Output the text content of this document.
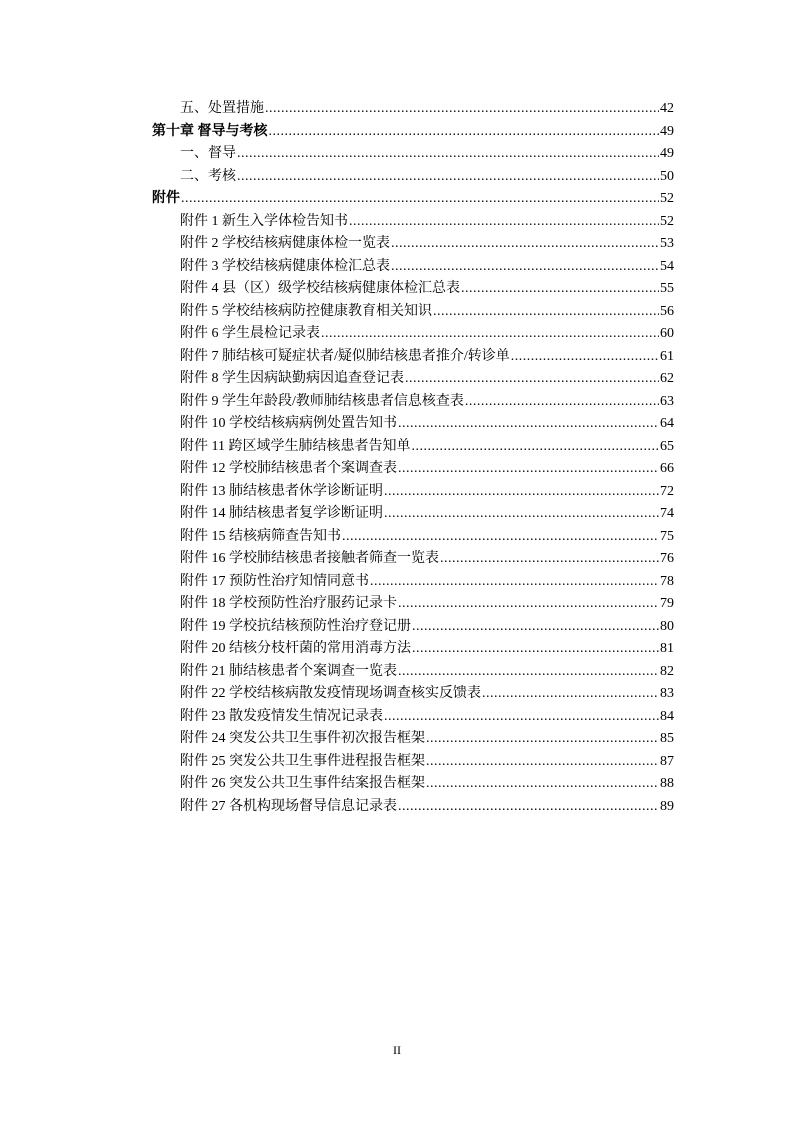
五、处置措施 .....	42
第十章 督导与考核 .....	49
一、督导 .....	49
二、考核 .....	50
附件 .....	52
附件 1 新生入学体检告知书 .....	52
附件 2 学校结核病健康体检一览表 .....	53
附件 3 学校结核病健康体检汇总表 .....	54
附件 4 县（区）级学校结核病健康体检汇总表 .....	55
附件 5 学校结核病防控健康教育相关知识 .....	56
附件 6 学生晨检记录表 .....	60
附件 7 肺结核可疑症状者/疑似肺结核患者推介/转诊单 .....	61
附件 8 学生因病缺勤病因追查登记表 .....	62
附件 9 学生年龄段/教师肺结核患者信息核查表 .....	63
附件 10 学校结核病病例处置告知书 .....	64
附件 11 跨区域学生肺结核患者告知单 .....	65
附件 12 学校肺结核患者个案调查表 .....	66
附件 13 肺结核患者休学诊断证明 .....	72
附件 14 肺结核患者复学诊断证明 .....	74
附件 15 结核病筛查告知书 .....	75
附件 16 学校肺结核患者接触者筛查一览表 .....	76
附件 17 预防性治疗知情同意书 .....	78
附件 18 学校预防性治疗服药记录卡 .....	79
附件 19 学校抗结核预防性治疗登记册 .....	80
附件 20 结核分枝杆菌的常用消毒方法 .....	81
附件 21 肺结核患者个案调查一览表 .....	82
附件 22 学校结核病散发疫情现场调查核实反馈表 .....	83
附件 23 散发疫情发生情况记录表 .....	84
附件 24 突发公共卫生事件初次报告框架 .....	85
附件 25 突发公共卫生事件进程报告框架 .....	87
附件 26 突发公共卫生事件结案报告框架 .....	88
附件 27 各机构现场督导信息记录表 .....	89
II
